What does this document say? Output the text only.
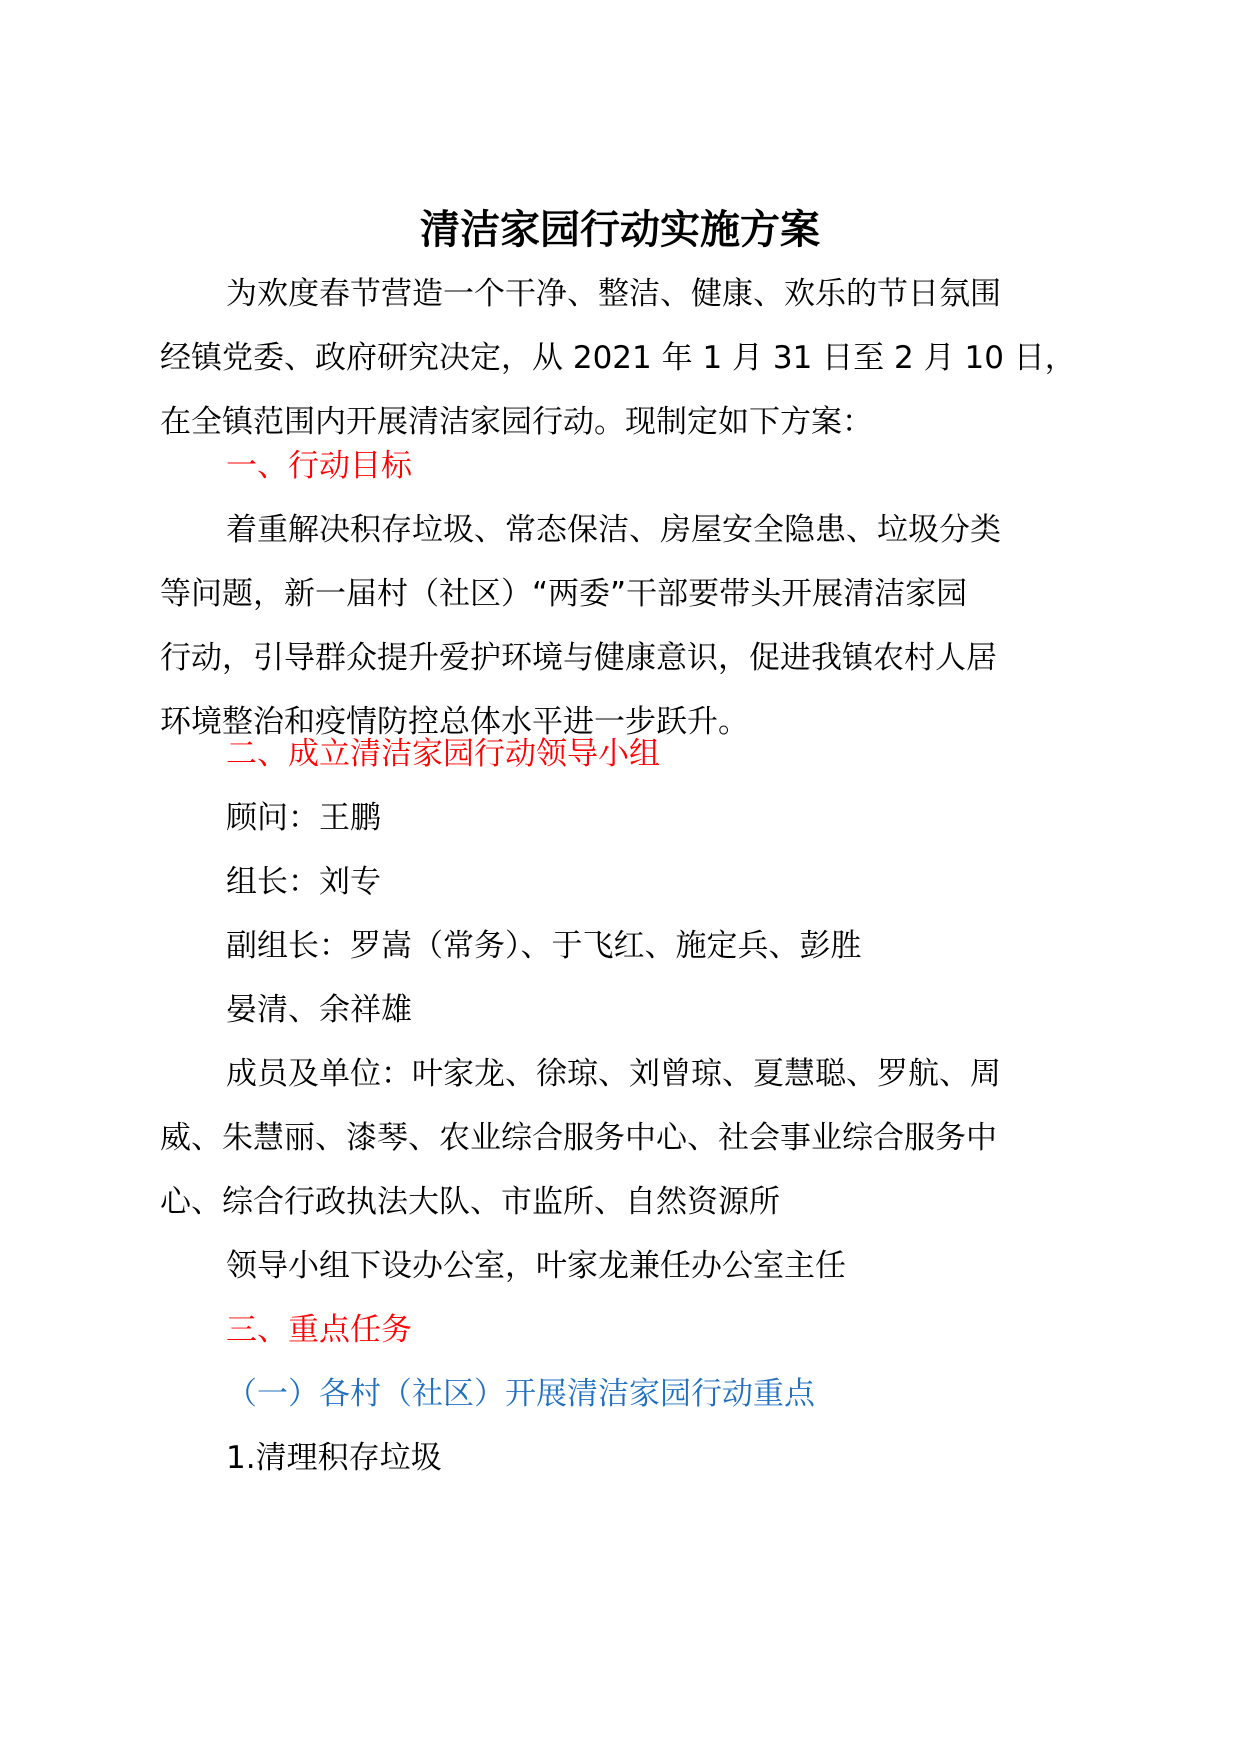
清洁家园行动实施方案
为欢度春节营造一个干净、整洁、健康、欢乐的节日氛围
经镇党委、政府研究决定，从 2021 年 1 月 31 日至 2 月 10 日，
在全镇范围内开展清洁家园行动。现制定如下方案：
一、行动目标
着重解决积存垃圾、常态保洁、房屋安全隐患、垃圾分类
等问题，新一届村（社区）“两委”干部要带头开展清洁家园
行动，引导群众提升爱护环境与健康意识，促进我镇农村人居
环境整治和疫情防控总体水平进一步跃升。
二、成立清洁家园行动领导小组
顾问：王鹏
组长：刘专
副组长：罗嵩（常务）、于飞红、施定兵、彭胜
晏清、余祥雄
成员及单位：叶家龙、徐琼、刘曾琼、夏慧聪、罗航、周
威、朱慧丽、漆琴、农业综合服务中心、社会事业综合服务中
心、综合行政执法大队、市监所、自然资源所
领导小组下设办公室，叶家龙兼任办公室主任
三、重点任务
（一）各村（社区）开展清洁家园行动重点
1.清理积存垃圾
